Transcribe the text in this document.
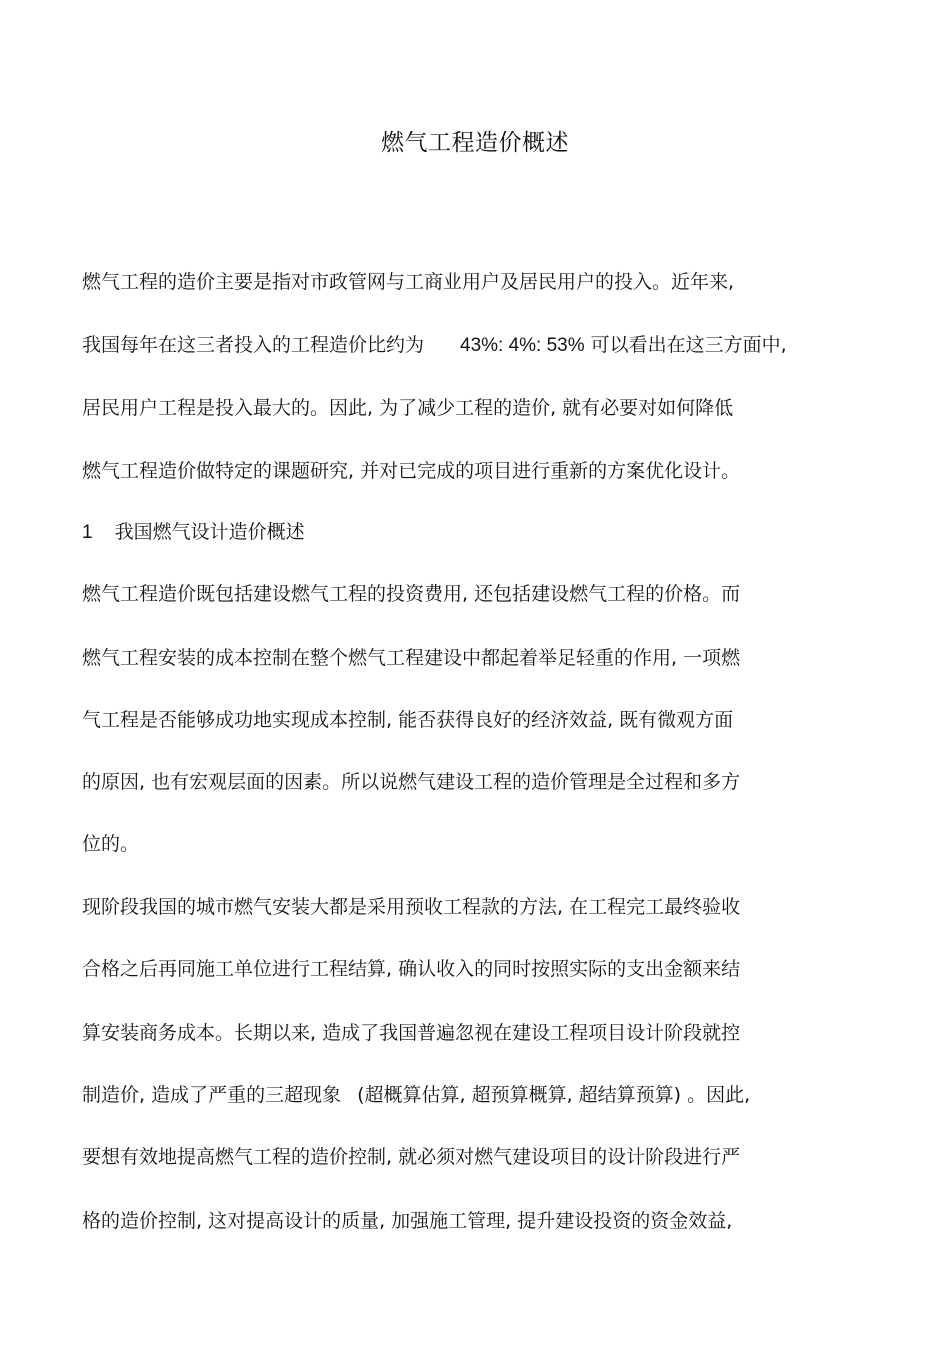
燃气工程造价概述
燃气工程的造价主要是指对市政管网与工商业用户及居民用户的投入。近年来,
我国每年在这三者投入的工程造价比约为 43%: 4%: 53% 可以看出在这三方面中,
居民用户工程是投入最大的。因此, 为了减少工程的造价, 就有必要对如何降低
燃气工程造价做特定的课题研究, 并对已完成的项目进行重新的方案优化设计。
1 我国燃气设计造价概述
燃气工程造价既包括建设燃气工程的投资费用, 还包括建设燃气工程的价格。而
燃气工程安装的成本控制在整个燃气工程建设中都起着举足轻重的作用, 一项燃
气工程是否能够成功地实现成本控制, 能否获得良好的经济效益, 既有微观方面
的原因, 也有宏观层面的因素。所以说燃气建设工程的造价管理是全过程和多方
位的。
现阶段我国的城市燃气安装大都是采用预收工程款的方法, 在工程完工最终验收
合格之后再同施工单位进行工程结算, 确认收入的同时按照实际的支出金额来结
算安装商务成本。长期以来, 造成了我国普遍忽视在建设工程项目设计阶段就控
制造价, 造成了严重的三超现象 (超概算估算, 超预算概算, 超结算预算) 。因此,
要想有效地提高燃气工程的造价控制, 就必须对燃气建设项目的设计阶段进行严
格的造价控制, 这对提高设计的质量, 加强施工管理, 提升建设投资的资金效益,
